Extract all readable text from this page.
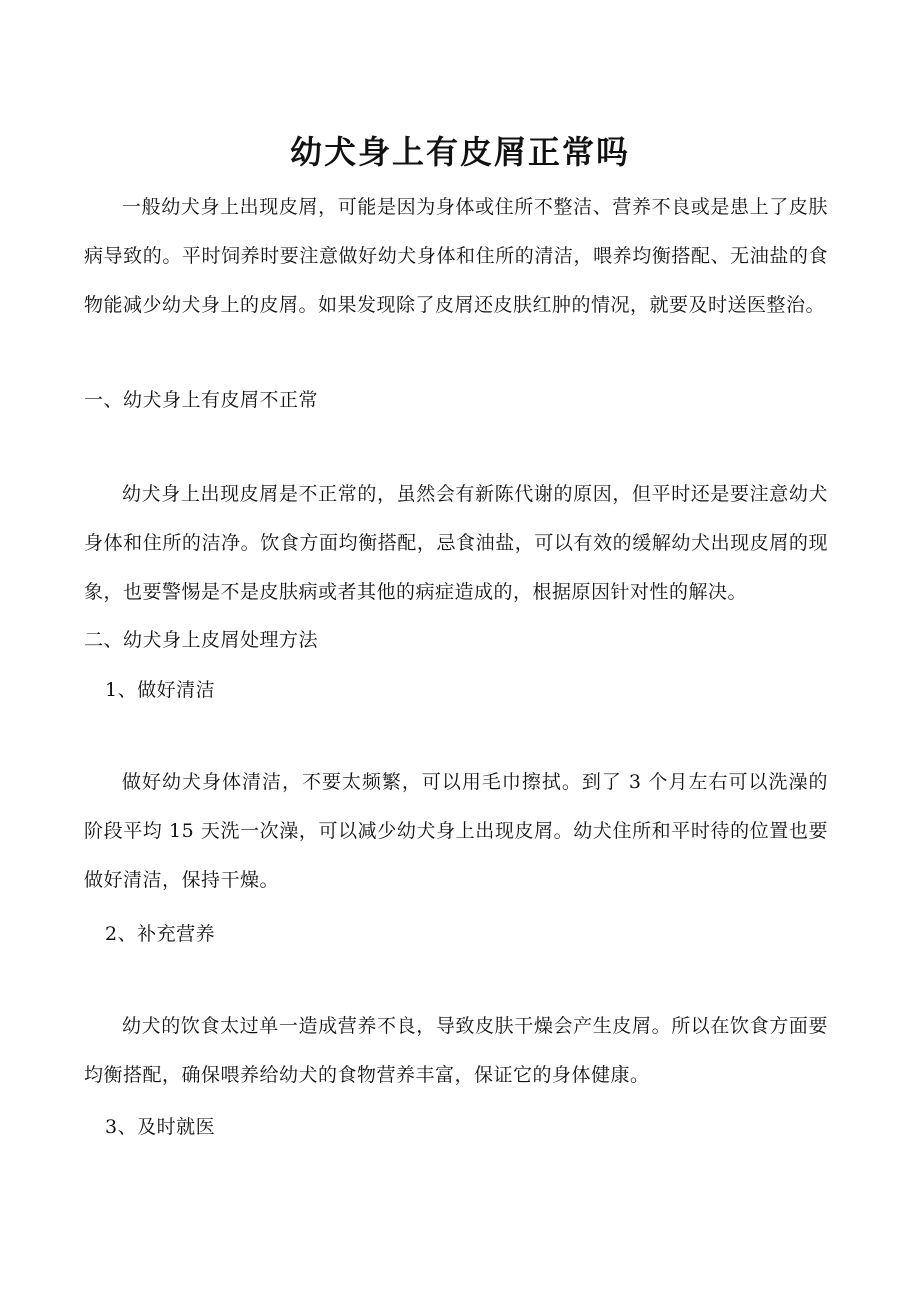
幼犬身上有皮屑正常吗

一般幼犬身上出现皮屑，可能是因为身体或住所不整洁、营养不良或是患上了皮肤病导致的。平时饲养时要注意做好幼犬身体和住所的清洁，喂养均衡搭配、无油盐的食物能减少幼犬身上的皮屑。如果发现除了皮屑还皮肤红肿的情况，就要及时送医整治。

一、幼犬身上有皮屑不正常

幼犬身上出现皮屑是不正常的，虽然会有新陈代谢的原因，但平时还是要注意幼犬身体和住所的洁净。饮食方面均衡搭配，忌食油盐，可以有效的缓解幼犬出现皮屑的现象，也要警惕是不是皮肤病或者其他的病症造成的，根据原因针对性的解决。

二、幼犬身上皮屑处理方法

1、做好清洁

做好幼犬身体清洁，不要太频繁，可以用毛巾擦拭。到了 3 个月左右可以洗澡的阶段平均 15 天洗一次澡，可以减少幼犬身上出现皮屑。幼犬住所和平时待的位置也要做好清洁，保持干燥。

2、补充营养

幼犬的饮食太过单一造成营养不良，导致皮肤干燥会产生皮屑。所以在饮食方面要均衡搭配，确保喂养给幼犬的食物营养丰富，保证它的身体健康。

3、及时就医
